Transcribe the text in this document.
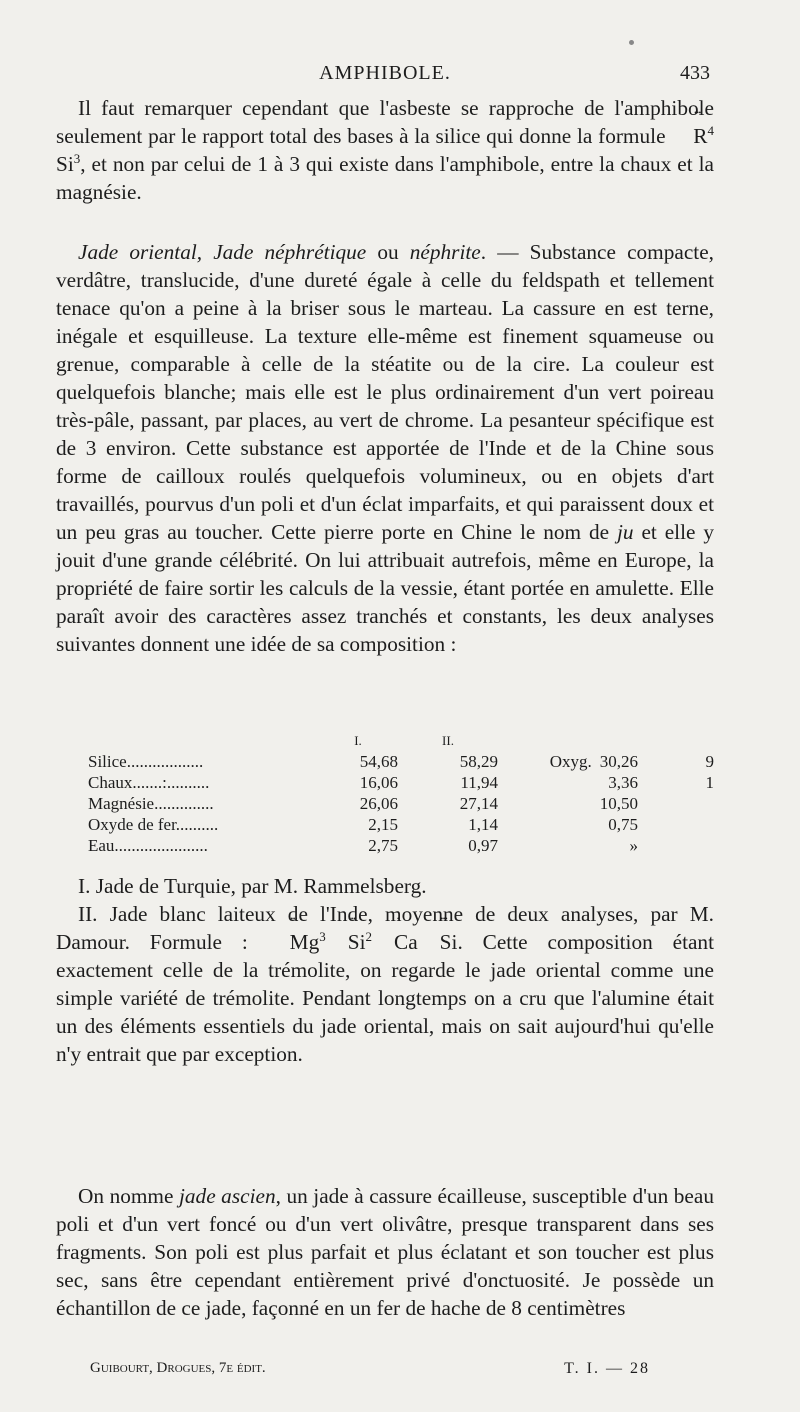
AMPHIBOLE.	433

Il faut remarquer cependant que l'asbeste se rapproche de l'amphibole seulement par le rapport total des bases à la silice qui donne la formule • • • $R^4$ Si$^3$, et non par celui de 1 à 3 qui existe dans l'amphibole, entre la chaux et la magnésie.

Jade oriental, Jade néphrétique ou néphrite. — Substance compacte, verdâtre, translucide, d'une dureté égale à celle du feldspath et tellement tenace qu'on a peine à la briser sous le marteau. La cassure en est terne, inégale et esquilleuse. La texture elle-même est finement squameuse ou grenue, comparable à celle de la stéatite ou de la cire. La couleur est quelquefois blanche; mais elle est le plus ordinairement d'un vert poireau très-pâle, passant, par places, au vert de chrome. La pesanteur spécifique est de 3 environ. Cette substance est apportée de l'Inde et de la Chine sous forme de cailloux roulés quelquefois volumineux, ou en objets d'art travaillés, pourvus d'un poli et d'un éclat imparfaits, et qui paraissent doux et un peu gras au toucher. Cette pierre porte en Chine le nom de ju et elle y jouit d'une grande célébrité. On lui attribuait autrefois, même en Europe, la propriété de faire sortir les calculs de la vessie, étant portée en amulette. Elle paraît avoir des caractères assez tranchés et constants, les deux analyses suivantes donnent une idée de sa composition :

	I.	II.		
Silice..................	54,68	58,29	Oxyg. 30,26	9
Chaux.......:..........	16,06	11,94	3,36	1
Magnésie..............	26,06	27,14	10,50	
Oxyde de fer..........	2,15	1,14	0,75	
Eau......................	2,75	0,97	»	

I. Jade de Turquie, par M. Rammelsberg.

II. Jade blanc laiteux de l'Inde, moyenne de deux analyses, par M. Damour. Formule : • • • Mg$^3$ • • • Si$^2$ • Ca• • • Si. Cette composition étant exactement celle de la trémolite, on regarde le jade oriental comme une simple variété de trémolite. Pendant longtemps on a cru que l'alumine était un des éléments essentiels du jade oriental, mais on sait aujourd'hui qu'elle n'y entrait que par exception.

On nomme jade ascien, un jade à cassure écailleuse, susceptible d'un beau poli et d'un vert foncé ou d'un vert olivâtre, presque transparent dans ses fragments. Son poli est plus parfait et plus éclatant et son toucher est plus sec, sans être cependant entièrement privé d'onctuosité. Je possède un échantillon de ce jade, façonné en un fer de hache de 8 centimètres

Guibourt, Drogues, 7e édit.	T. I. — 28
